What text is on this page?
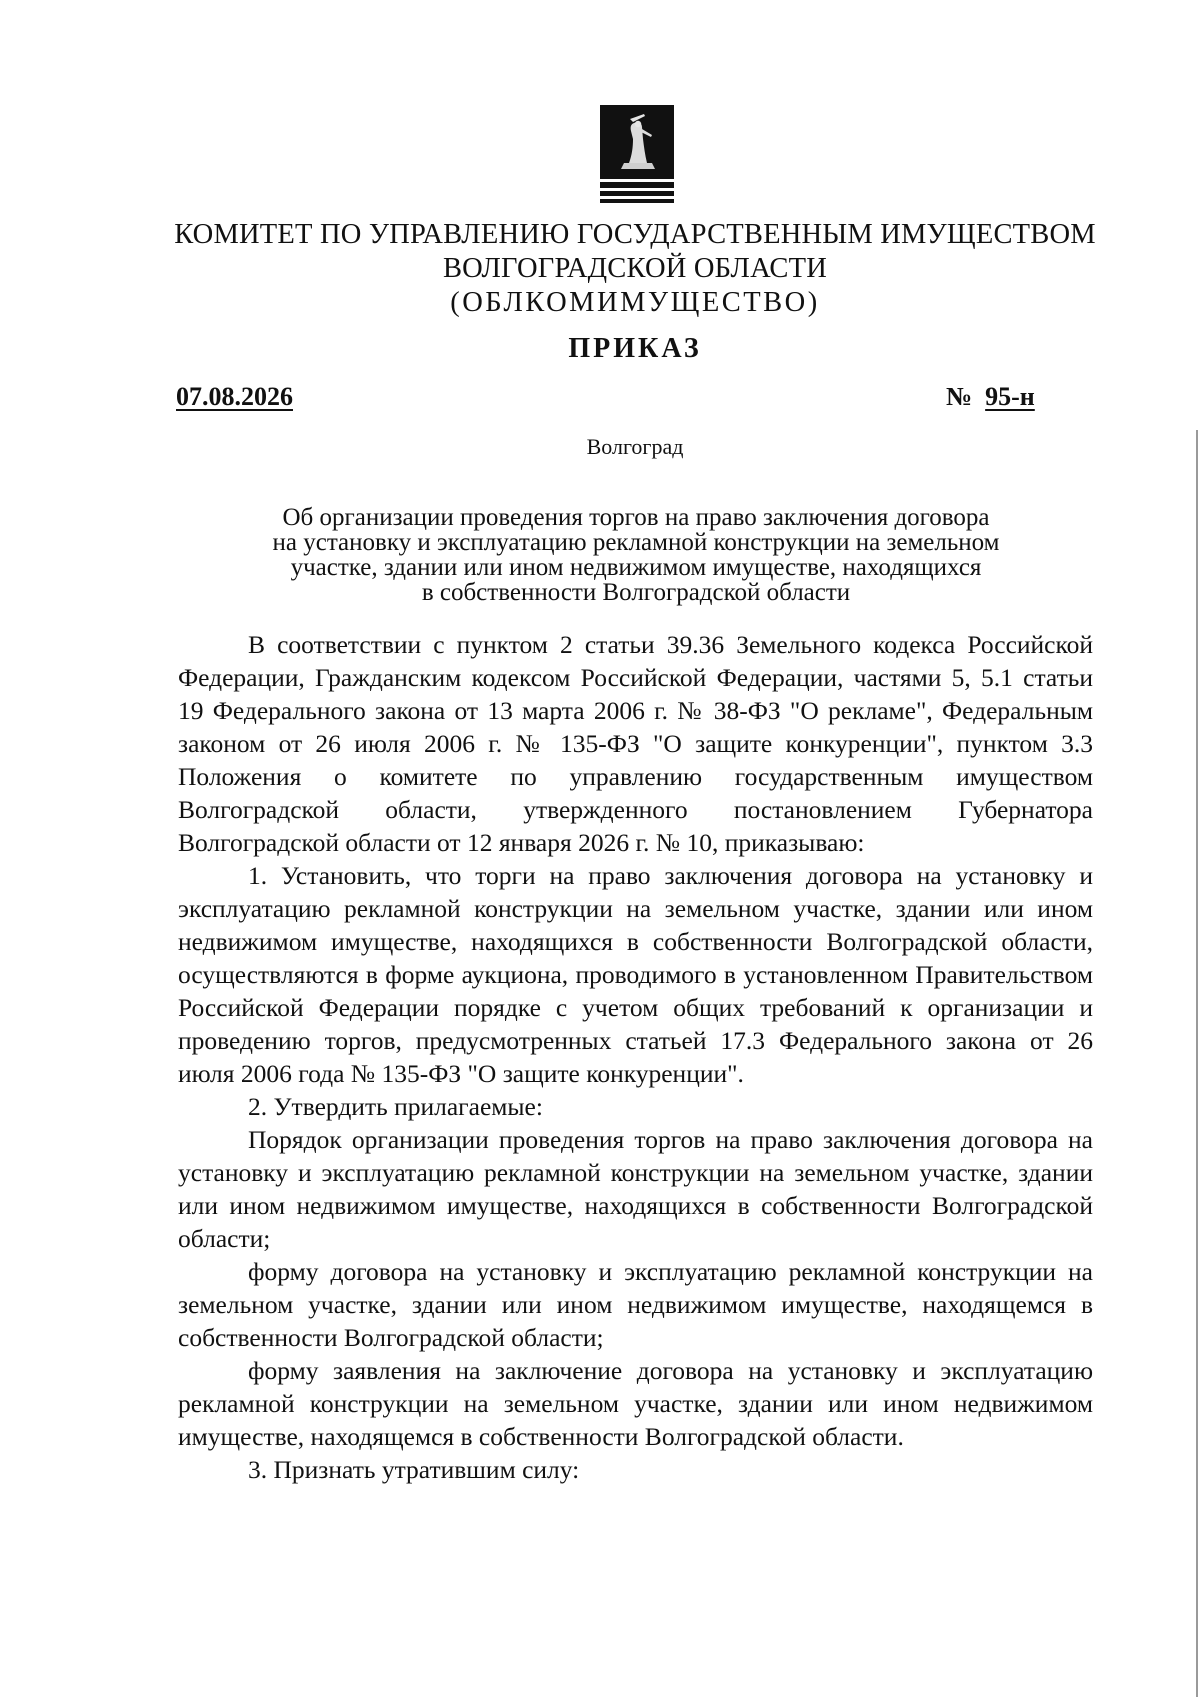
КОМИТЕТ ПО УПРАВЛЕНИЮ ГОСУДАРСТВЕННЫМ ИМУЩЕСТВОМ
ВОЛГОГРАДСКОЙ ОБЛАСТИ
(ОБЛКОМИМУЩЕСТВО)
ПРИКАЗ
07.08.2026	№ 95-н
Волгоград
Об организации проведения торгов на право заключения договора
на установку и эксплуатацию рекламной конструкции на земельном
участке, здании или ином недвижимом имуществе, находящихся
в собственности Волгоградской области

В соответствии с пунктом 2 статьи 39.36 Земельного кодекса Российской Федерации, Гражданским кодексом Российской Федерации, частями 5, 5.1 статьи 19 Федерального закона от 13 марта 2006 г. № 38-ФЗ "О рекламе", Федеральным законом от 26 июля 2006 г. № 135-ФЗ "О защите конкуренции", пунктом 3.3 Положения о комитете по управлению государственным имуществом Волгоградской области, утвержденного постановлением Губернатора Волгоградской области от 12 января 2026 г. № 10, приказываю:

1. Установить, что торги на право заключения договора на установку и эксплуатацию рекламной конструкции на земельном участке, здании или ином недвижимом имуществе, находящихся в собственности Волгоградской области, осуществляются в форме аукциона, проводимого в установленном Правительством Российской Федерации порядке с учетом общих требований к организации и проведению торгов, предусмотренных статьей 17.3 Федерального закона от 26 июля 2006 года № 135-ФЗ "О защите конкуренции".

2. Утвердить прилагаемые:

Порядок организации проведения торгов на право заключения договора на установку и эксплуатацию рекламной конструкции на земельном участке, здании или ином недвижимом имуществе, находящихся в собственности Волгоградской области;

форму договора на установку и эксплуатацию рекламной конструкции на земельном участке, здании или ином недвижимом имуществе, находящемся в собственности Волгоградской области;

форму заявления на заключение договора на установку и эксплуатацию рекламной конструкции на земельном участке, здании или ином недвижимом имуществе, находящемся в собственности Волгоградской области.

3. Признать утратившим силу:
